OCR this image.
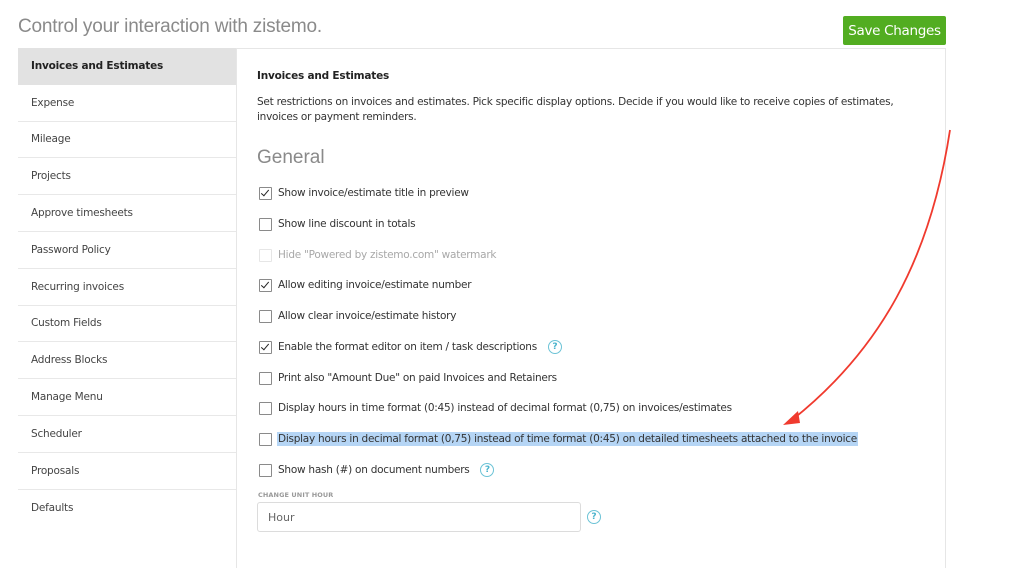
Control your interaction with zistemo.	Save Changes
Invoices and Estimates
Expense
Mileage
Projects
Approve timesheets
Password Policy
Recurring invoices
Custom Fields
Address Blocks
Manage Menu
Scheduler
Proposals
Defaults
Invoices and Estimates
Set restrictions on invoices and estimates. Pick specific display options. Decide if you would like to receive copies of estimates, invoices or payment reminders.
General
Show invoice/estimate title in preview
Show line discount in totals
Hide "Powered by zistemo.com" watermark
Allow editing invoice/estimate number
Allow clear invoice/estimate history
Enable the format editor on item / task descriptions	?
Print also "Amount Due" on paid Invoices and Retainers
Display hours in time format (0:45) instead of decimal format (0,75) on invoices/estimates
Display hours in decimal format (0,75) instead of time format (0:45) on detailed timesheets attached to the invoice
Show hash (#) on document numbers	?
CHANGE UNIT HOUR
Hour
?
